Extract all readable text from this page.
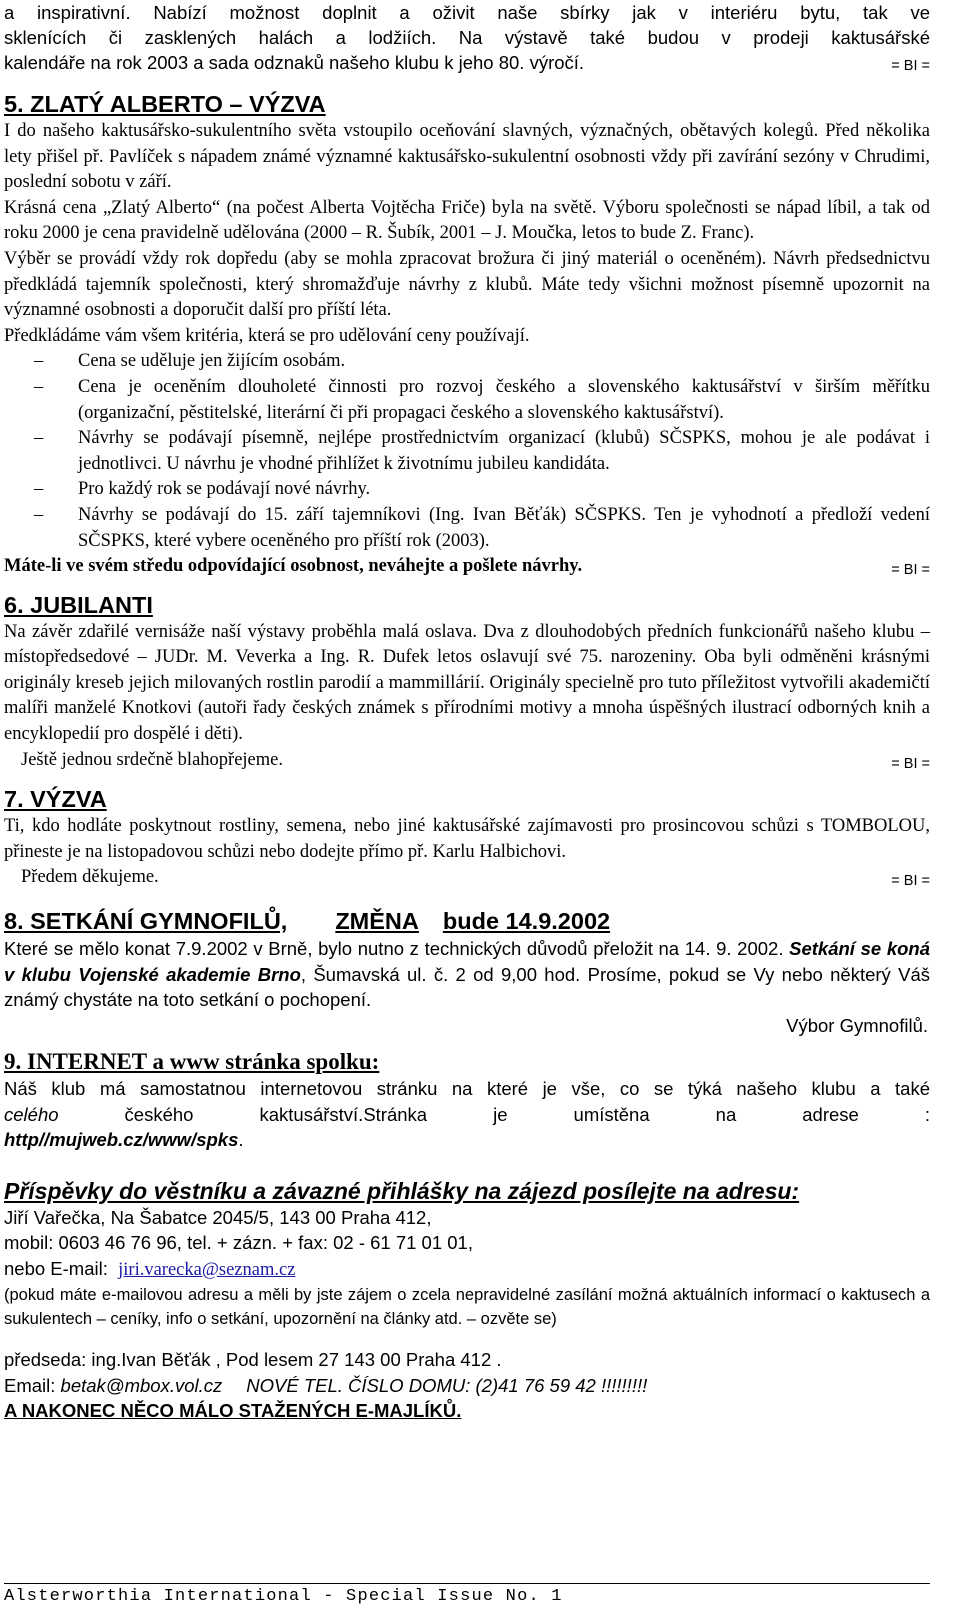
a inspirativní. Nabízí možnost doplnit a oživit naše sbírky jak v interiéru bytu, tak ve

sklenících či zasklených halách a lodžiích. Na výstavě také budou v prodeji kaktusářské

kalendáře na rok 2003 a sada odznaků našeho klubu k jeho 80. výročí.	= BI =

5. ZLATÝ ALBERTO – VÝZVA

I do našeho kaktusářsko-sukulentního světa vstoupilo oceňování slavných, význačných, obětavých kolegů. Před několika lety přišel př. Pavlíček s nápadem známé významné kaktusářsko-sukulentní osobnosti vždy při zavírání sezóny v Chrudimi, poslední sobotu v září.

Krásná cena „Zlatý Alberto“ (na počest Alberta Vojtěcha Friče) byla na světě. Výboru společnosti se nápad líbil, a tak od roku 2000 je cena pravidelně udělována (2000 – R. Šubík, 2001 – J. Moučka, letos to bude Z. Franc).

Výběr se provádí vždy rok dopředu (aby se mohla zpracovat brožura či jiný materiál o oceněném). Návrh předsednictvu předkládá tajemník společnosti, který shromažďuje návrhy z klubů. Máte tedy všichni možnost písemně upozornit na významné osobnosti a doporučit další pro příští léta.

Předkládáme vám všem kritéria, která se pro udělování ceny používají.

– Cena se uděluje jen žijícím osobám.
– Cena je oceněním dlouholeté činnosti pro rozvoj českého a slovenského kaktusářství v širším měřítku (organizační, pěstitelské, literární či při propagaci českého a slovenského kaktusářství).
– Návrhy se podávají písemně, nejlépe prostřednictvím organizací (klubů) SČSPKS, mohou je ale podávat i jednotlivci. U návrhu je vhodné přihlížet k životnímu jubileu kandidáta.
– Pro každý rok se podávají nové návrhy.
– Návrhy se podávají do 15. září tajemníkovi (Ing. Ivan Běťák) SČSPKS. Ten je vyhodnotí a předloží vedení SČSPKS, které vybere oceněného pro příští rok (2003).

Máte-li ve svém středu odpovídající osobnost, neváhejte a pošlete návrhy.	= BI =

6. JUBILANTI

Na závěr zdařilé vernisáže naší výstavy proběhla malá oslava. Dva z dlouhodobých předních funkcionářů našeho klubu – místopředsedové – JUDr. M. Veverka a Ing. R. Dufek letos oslavují své 75. narozeniny. Oba byli odměněni krásnými originály kreseb jejich milovaných rostlin parodií a mammillárií. Originály specielně pro tuto příležitost vytvořili akademičtí malíři manželé Knotkovi (autoři řady českých známek s přírodními motivy a mnoha úspěšných ilustrací odborných knih a encyklopedií pro dospělé i děti).

Ještě jednou srdečně blahopřejeme.	= BI =

7. VÝZVA

Ti, kdo hodláte poskytnout rostliny, semena, nebo jiné kaktusářské zajímavosti pro prosincovou schůzi s TOMBOLOU, přineste je na listopadovou schůzi nebo dodejte přímo př. Karlu Halbichovi.

Předem děkujeme.	= BI =

8. SETKÁNÍ GYMNOFILŮ, ZMĚNA bude 14.9.2002

Které se mělo konat 7.9.2002 v Brně, bylo nutno z technických důvodů přeložit na 14. 9. 2002. Setkání se koná v klubu Vojenské akademie Brno, Šumavská ul. č. 2 od 9,00 hod. Prosíme, pokud se Vy nebo některý Váš známý chystáte na toto setkání o pochopení.

Výbor Gymnofilů.

9. INTERNET a www stránka spolku:

Náš klub má samostatnou internetovou stránku na které je vše, co se týká našeho klubu a také

celého	českého kaktusářství.Stránka je umístěna na adrese :

http//mujweb.cz/www/spks.

Příspěvky do věstníku a závazné přihlášky na zájezd posílejte na adresu:

Jiří Vařečka, Na Šabatce 2045/5, 143 00 Praha 412,

mobil: 0603 46 76 96, tel. + zázn. + fax: 02 - 61 71 01 01,

nebo E-mail: jiri.varecka@seznam.cz

(pokud máte e-mailovou adresu a měli by jste zájem o zcela nepravidelné zasílání možná aktuálních informací o kaktusech a sukulentech – ceníky, info o setkání, upozornění na články atd. – ozvěte se)

předseda: ing.Ivan Běťák , Pod lesem 27 143 00 Praha 412 .

Email: betak@mbox.vol.cz NOVÉ TEL. ČÍSLO DOMU: (2)41 76 59 42 !!!!!!!!!

A NAKONEC NĚCO MÁLO STAŽENÝCH E-MAJLÍKŮ.

Alsterworthia International - Special Issue No. 1
